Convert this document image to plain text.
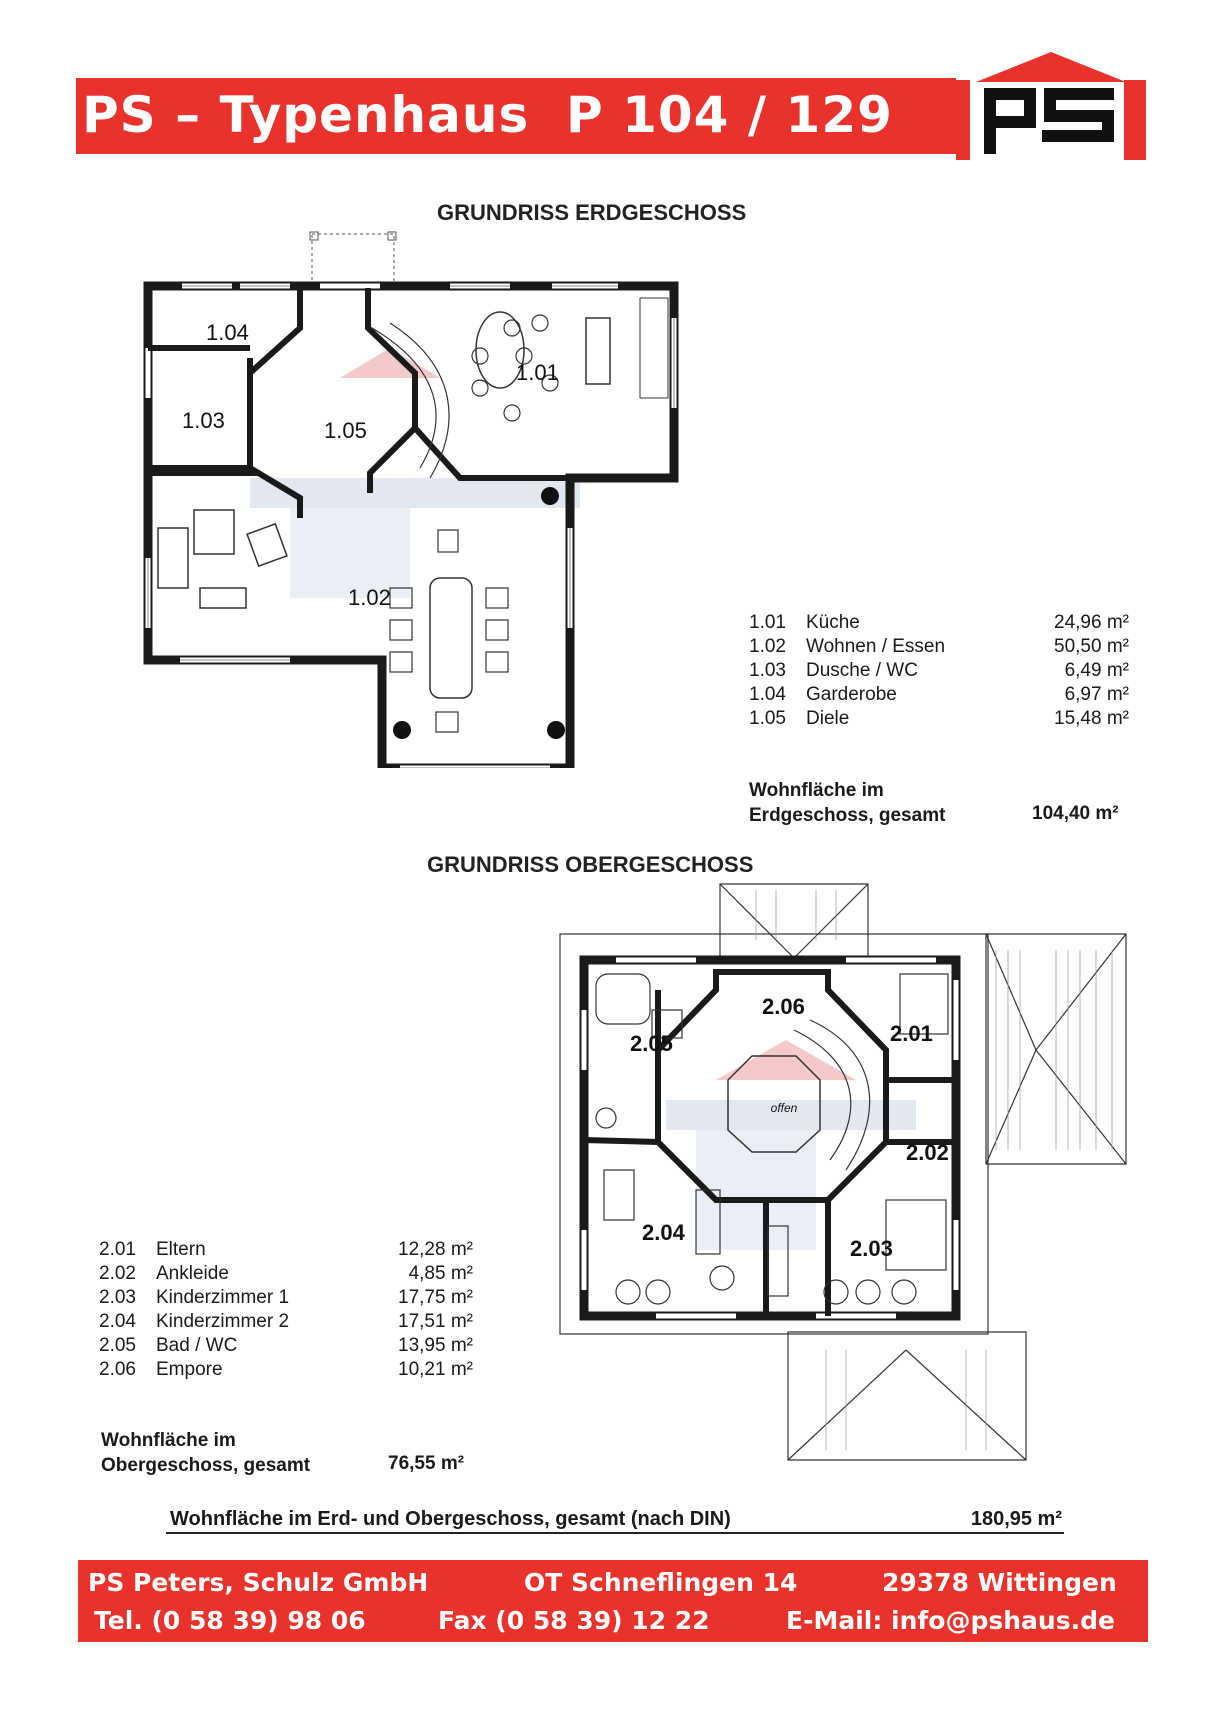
PS – Typenhaus  P 104 / 129
ps
GRUNDRISS ERDGESCHOSS
1.04
1.03	1.05
1.01
1.02
1.01 Küche	24,96 m²
1.02 Wohnen / Essen	50,50 m²
1.03 Dusche / WC	6,49 m²
1.04 Garderobe	6,97 m²
1.05 Diele	15,48 m²
Wohnfläche im
Erdgeschoss, gesamt	104,40 m²
GRUNDRISS OBERGESCHOSS
2.06
2.05	2.01
2.02
2.04
2.03
offen
2.01 Eltern	12,28 m²
2.02 Ankleide	4,85 m²
2.03 Kinderzimmer 1	17,75 m²
2.04 Kinderzimmer 2	17,51 m²
2.05 Bad / WC	13,95 m²
2.06 Empore	10,21 m²
Wohnfläche im
Obergeschoss, gesamt	76,55 m²
Wohnfläche im Erd- und Obergeschoss, gesamt (nach DIN)	180,95 m²
PS Peters, Schulz GmbH	OT Schneflingen 14	29378 Wittingen
Tel. (0 58 39) 98 06	Fax (0 58 39) 12 22	E-Mail: info@pshaus.de
